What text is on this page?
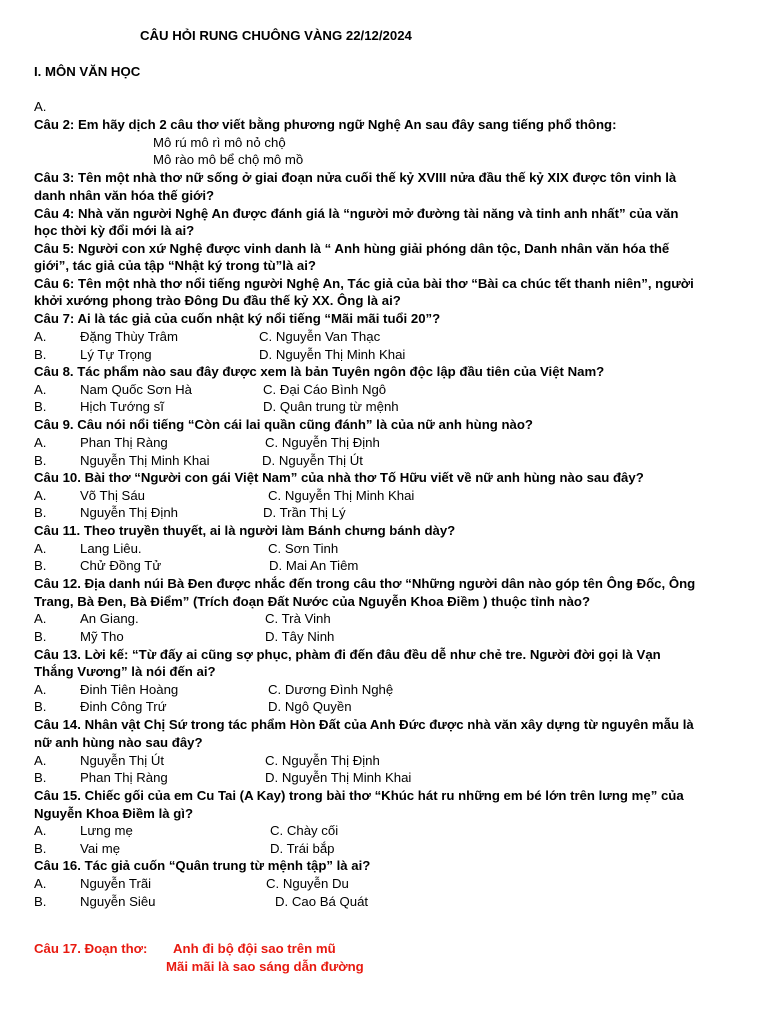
CÂU HỎI RUNG CHUÔNG VÀNG 22/12/2024
I. MÔN VĂN HỌC
A.
Câu 2: Em hãy dịch 2 câu thơ viết bằng phương ngữ Nghệ An sau đây sang tiếng phổ thông:
Mô rú mô rì mô nỏ chộ
Mô rào mô bể chộ mô mồ
Câu 3: Tên một nhà thơ nữ sống ở giai đoạn nửa cuối thế kỷ XVIII nửa đầu thế kỷ XIX được tôn vinh là
danh nhân văn hóa thế giới?
Câu 4: Nhà văn người Nghệ An được đánh giá là “người mở đường tài năng và tinh anh nhất” của văn
học thời kỳ đổi mới là ai?
Câu 5: Người con xứ Nghệ được vinh danh là “ Anh hùng giải phóng dân tộc, Danh nhân văn hóa thế
giới”, tác giả của tập “Nhật ký trong tù”là ai?
Câu 6: Tên một nhà thơ nổi tiếng người Nghệ An, Tác giả của bài thơ “Bài ca chúc tết thanh niên”, người
khởi xướng phong trào Đông Du đầu thế kỷ XX. Ông là ai?
Câu 7: Ai là tác giả của cuốn nhật ký nổi tiếng “Mãi mãi tuổi 20”?
A.	Đặng Thùy Trâm	C. Nguyễn Van Thạc
B.	Lý Tự Trọng	D. Nguyễn Thị Minh Khai
Câu 8. Tác phẩm nào sau đây được xem là bản Tuyên ngôn độc lập đầu tiên của Việt Nam?
A.	Nam Quốc Sơn Hà	C. Đại Cáo Bình Ngô
B.	Hịch Tướng sĩ	D. Quân trung từ mệnh
Câu 9. Câu nói nổi tiếng “Còn cái lai quần cũng đánh” là của nữ anh hùng nào?
A.	Phan Thị Ràng	C. Nguyễn Thị Định
B.	Nguyễn Thị Minh Khai	D. Nguyễn Thị Út
Câu 10. Bài thơ “Người con gái Việt Nam” của nhà thơ Tố Hữu viết về nữ anh hùng nào sau đây?
A.	Võ Thị Sáu	C. Nguyễn Thị Minh Khai
B.	Nguyễn Thị Định	D. Trần Thị Lý
Câu 11. Theo truyền thuyết, ai là người làm Bánh chưng bánh dày?
A.	Lang Liêu.	C. Sơn Tinh
B.	Chử Đồng Tử	D. Mai An Tiêm
Câu 12. Địa danh núi Bà Đen được nhắc đến trong câu thơ “Những người dân nào góp tên Ông Đốc, Ông
Trang, Bà Đen, Bà Điểm” (Trích đoạn Đất Nước của Nguyễn Khoa Điềm ) thuộc tỉnh nào?
A.	An Giang.	C. Trà Vinh
B.	Mỹ Tho	D. Tây Ninh
Câu 13. Lời kế: “Từ đấy ai cũng sợ phục, phàm đi đến đâu đều dễ như chẻ tre. Người đời gọi là Vạn
Thắng Vương” là nói đến ai?
A.	Đinh Tiên Hoàng	C. Dương Đình Nghệ
B.	Đinh Công Trứ	D. Ngô Quyền
Câu 14. Nhân vật Chị Sứ trong tác phẩm Hòn Đất của Anh Đức được nhà văn xây dựng từ nguyên mẫu là
nữ anh hùng nào sau đây?
A.	Nguyễn Thị Út	C. Nguyễn Thị Định
B.	Phan Thị Ràng	D. Nguyễn Thị Minh Khai
Câu 15. Chiếc gối của em Cu Tai (A Kay) trong bài thơ “Khúc hát ru những em bé lớn trên lưng mẹ” của
Nguyễn Khoa Điềm là gì?
A.	Lưng mẹ	C. Chày cối
B.	Vai mẹ	D. Trái bắp
Câu 16. Tác giả cuốn “Quân trung từ mệnh tập” là ai?
A.	Nguyễn Trãi	C. Nguyễn Du
B.	Nguyễn Siêu	D. Cao Bá Quát
Câu 17. Đoạn thơ: Anh đi bộ đội sao trên mũ
Mãi mãi là sao sáng dẫn đường
